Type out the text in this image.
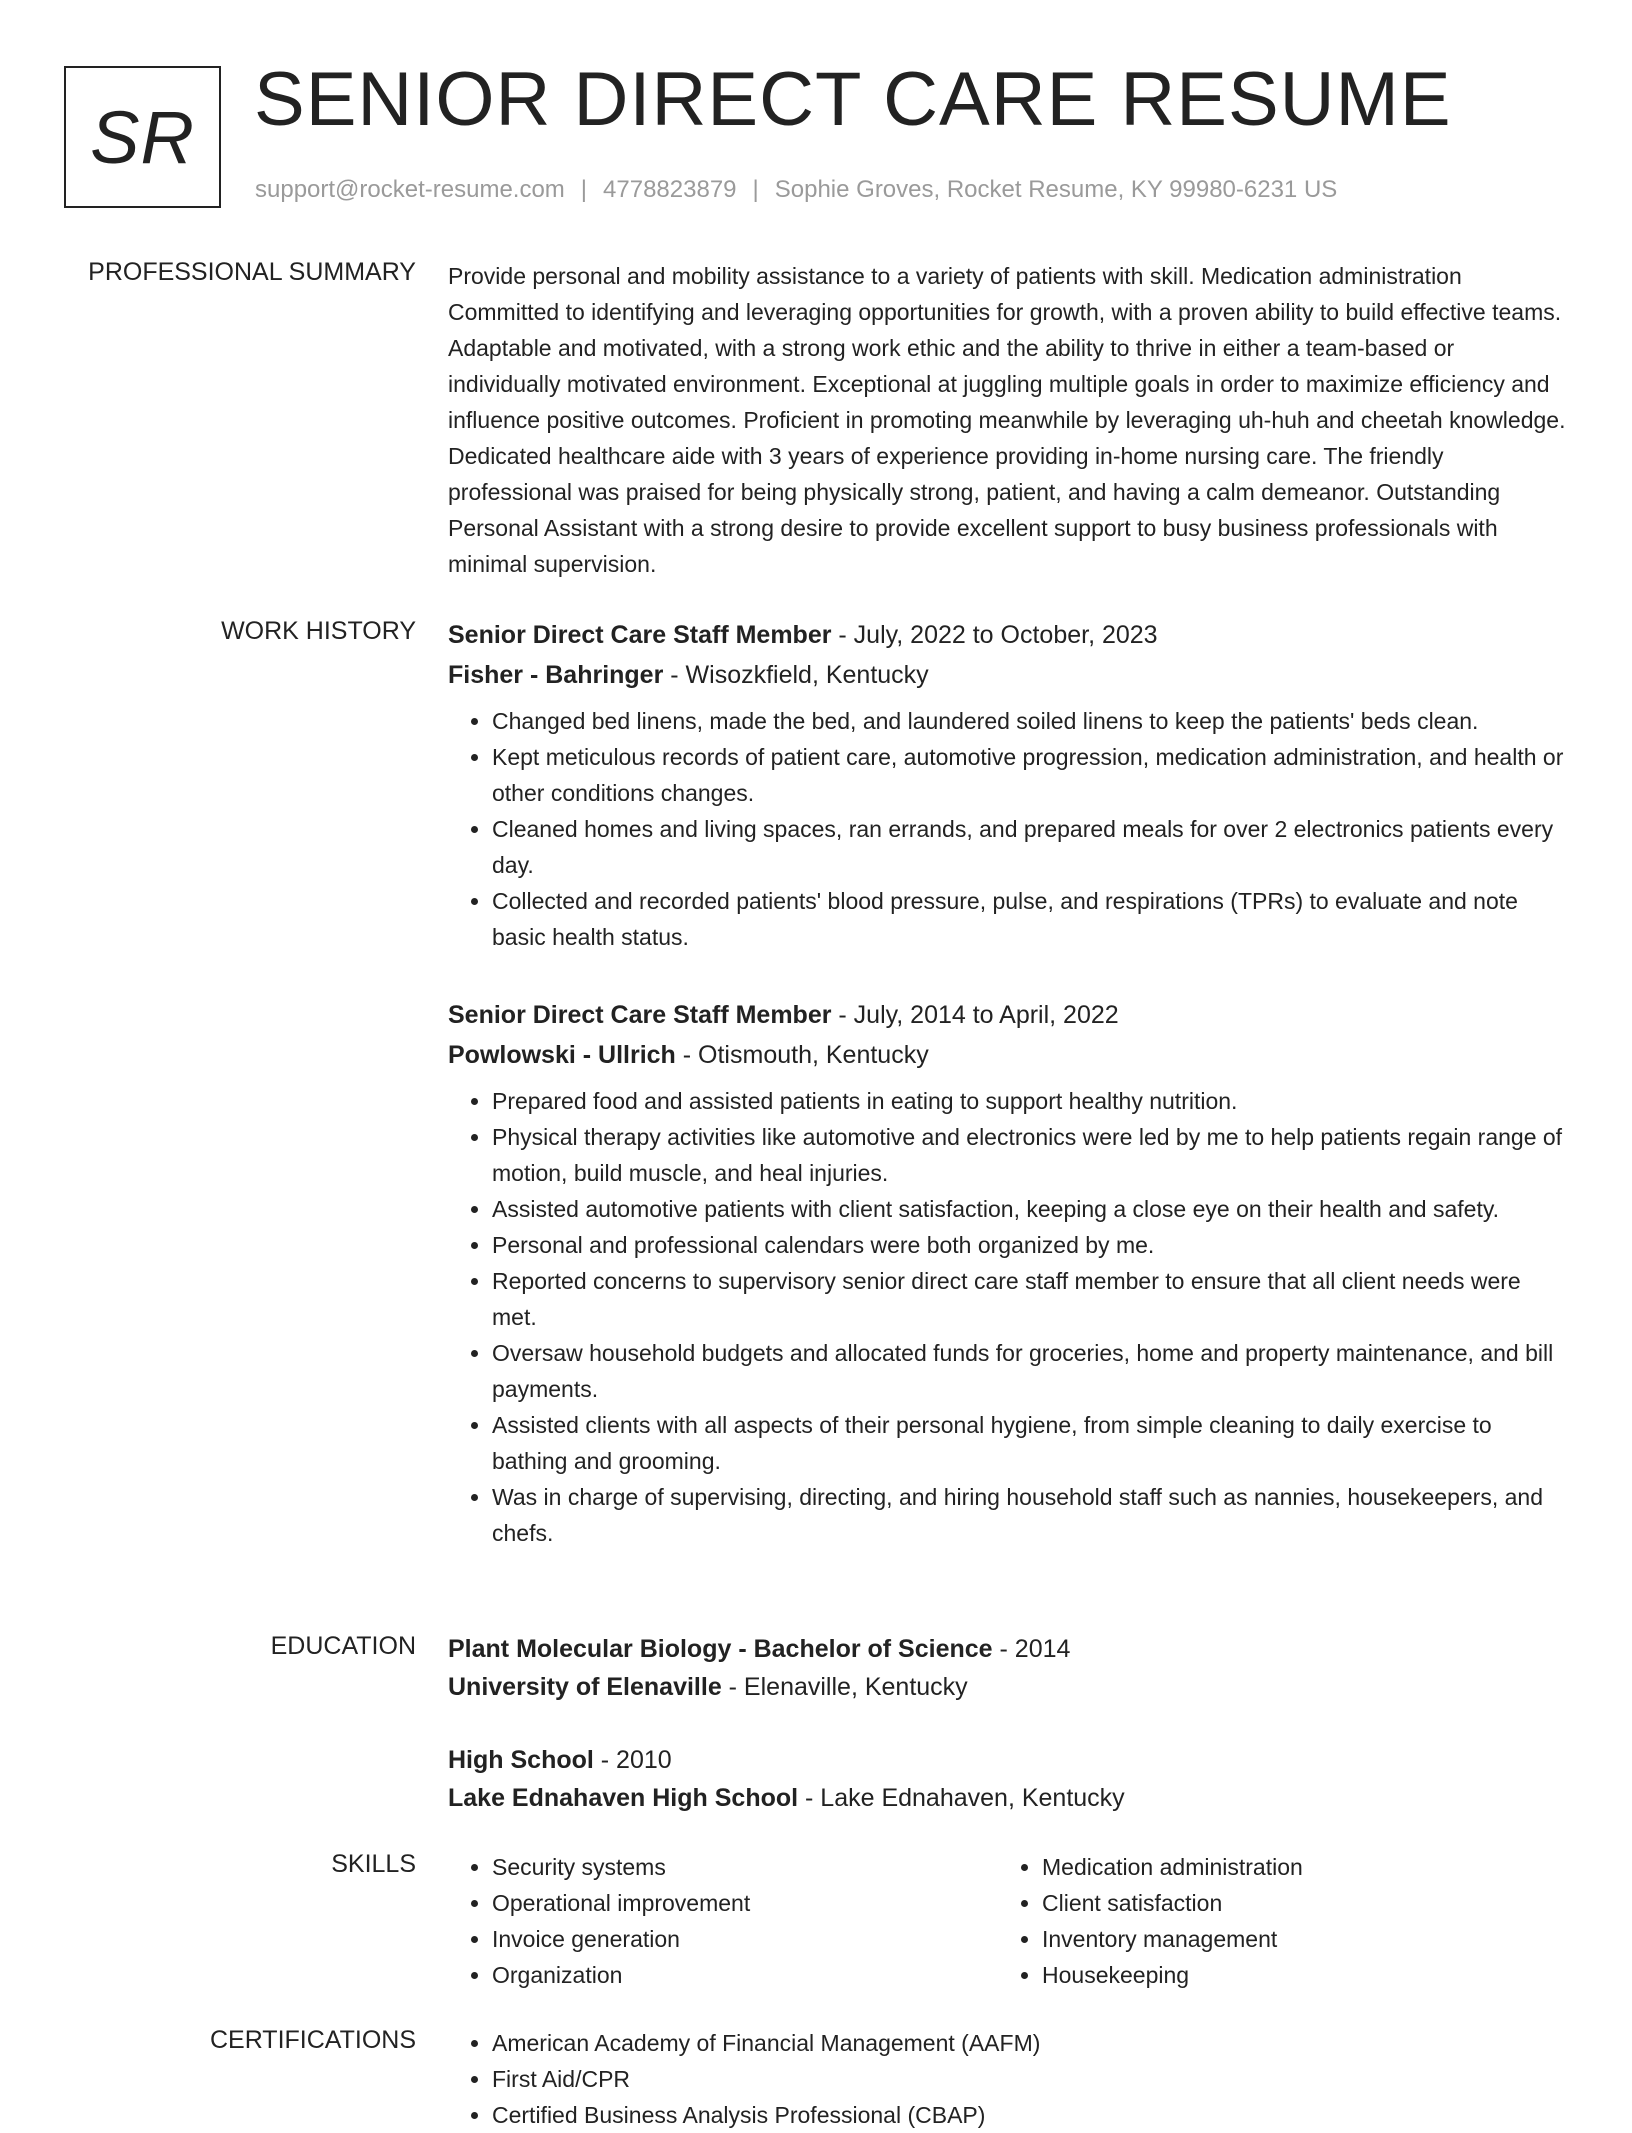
SR SENIOR DIRECT CARE RESUME
support@rocket-resume.com | 4778823879 | Sophie Groves, Rocket Resume, KY 99980-6231 US
PROFESSIONAL SUMMARY Provide personal and mobility assistance to a variety of patients with skill. Medication administration Committed to identifying and leveraging opportunities for growth, with a proven ability to build effective teams. Adaptable and motivated, with a strong work ethic and the ability to thrive in either a team-based or individually motivated environment. Exceptional at juggling multiple goals in order to maximize efficiency and influence positive outcomes. Proficient in promoting meanwhile by leveraging uh-huh and cheetah knowledge. Dedicated healthcare aide with 3 years of experience providing in-home nursing care. The friendly professional was praised for being physically strong, patient, and having a calm demeanor. Outstanding Personal Assistant with a strong desire to provide excellent support to busy business professionals with minimal supervision.

WORK HISTORY Senior Direct Care Staff Member - July, 2022 to October, 2023
Fisher - Bahringer - Wisozkfield, Kentucky
• Changed bed linens, made the bed, and laundered soiled linens to keep the patients' beds clean.
• Kept meticulous records of patient care, automotive progression, medication administration, and health or other conditions changes.
• Cleaned homes and living spaces, ran errands, and prepared meals for over 2 electronics patients every day.
• Collected and recorded patients' blood pressure, pulse, and respirations (TPRs) to evaluate and note basic health status.
Senior Direct Care Staff Member - July, 2014 to April, 2022
Powlowski - Ullrich - Otismouth, Kentucky
• Prepared food and assisted patients in eating to support healthy nutrition.
• Physical therapy activities like automotive and electronics were led by me to help patients regain range of motion, build muscle, and heal injuries.
• Assisted automotive patients with client satisfaction, keeping a close eye on their health and safety.
• Personal and professional calendars were both organized by me.
• Reported concerns to supervisory senior direct care staff member to ensure that all client needs were met.
• Oversaw household budgets and allocated funds for groceries, home and property maintenance, and bill payments.
• Assisted clients with all aspects of their personal hygiene, from simple cleaning to daily exercise to bathing and grooming.
• Was in charge of supervising, directing, and hiring household staff such as nannies, housekeepers, and chefs.
EDUCATION Plant Molecular Biology - Bachelor of Science - 2014
University of Elenaville - Elenaville, Kentucky
High School - 2010
Lake Ednahaven High School - Lake Ednahaven, Kentucky
SKILLS	• Security systems
• Operational improvement
• Invoice generation
• Organization
• Medication administration
• Client satisfaction
• Inventory management
• Housekeeping
CERTIFICATIONS	• American Academy of Financial Management (AAFM)
• First Aid/CPR
• Certified Business Analysis Professional (CBAP)
